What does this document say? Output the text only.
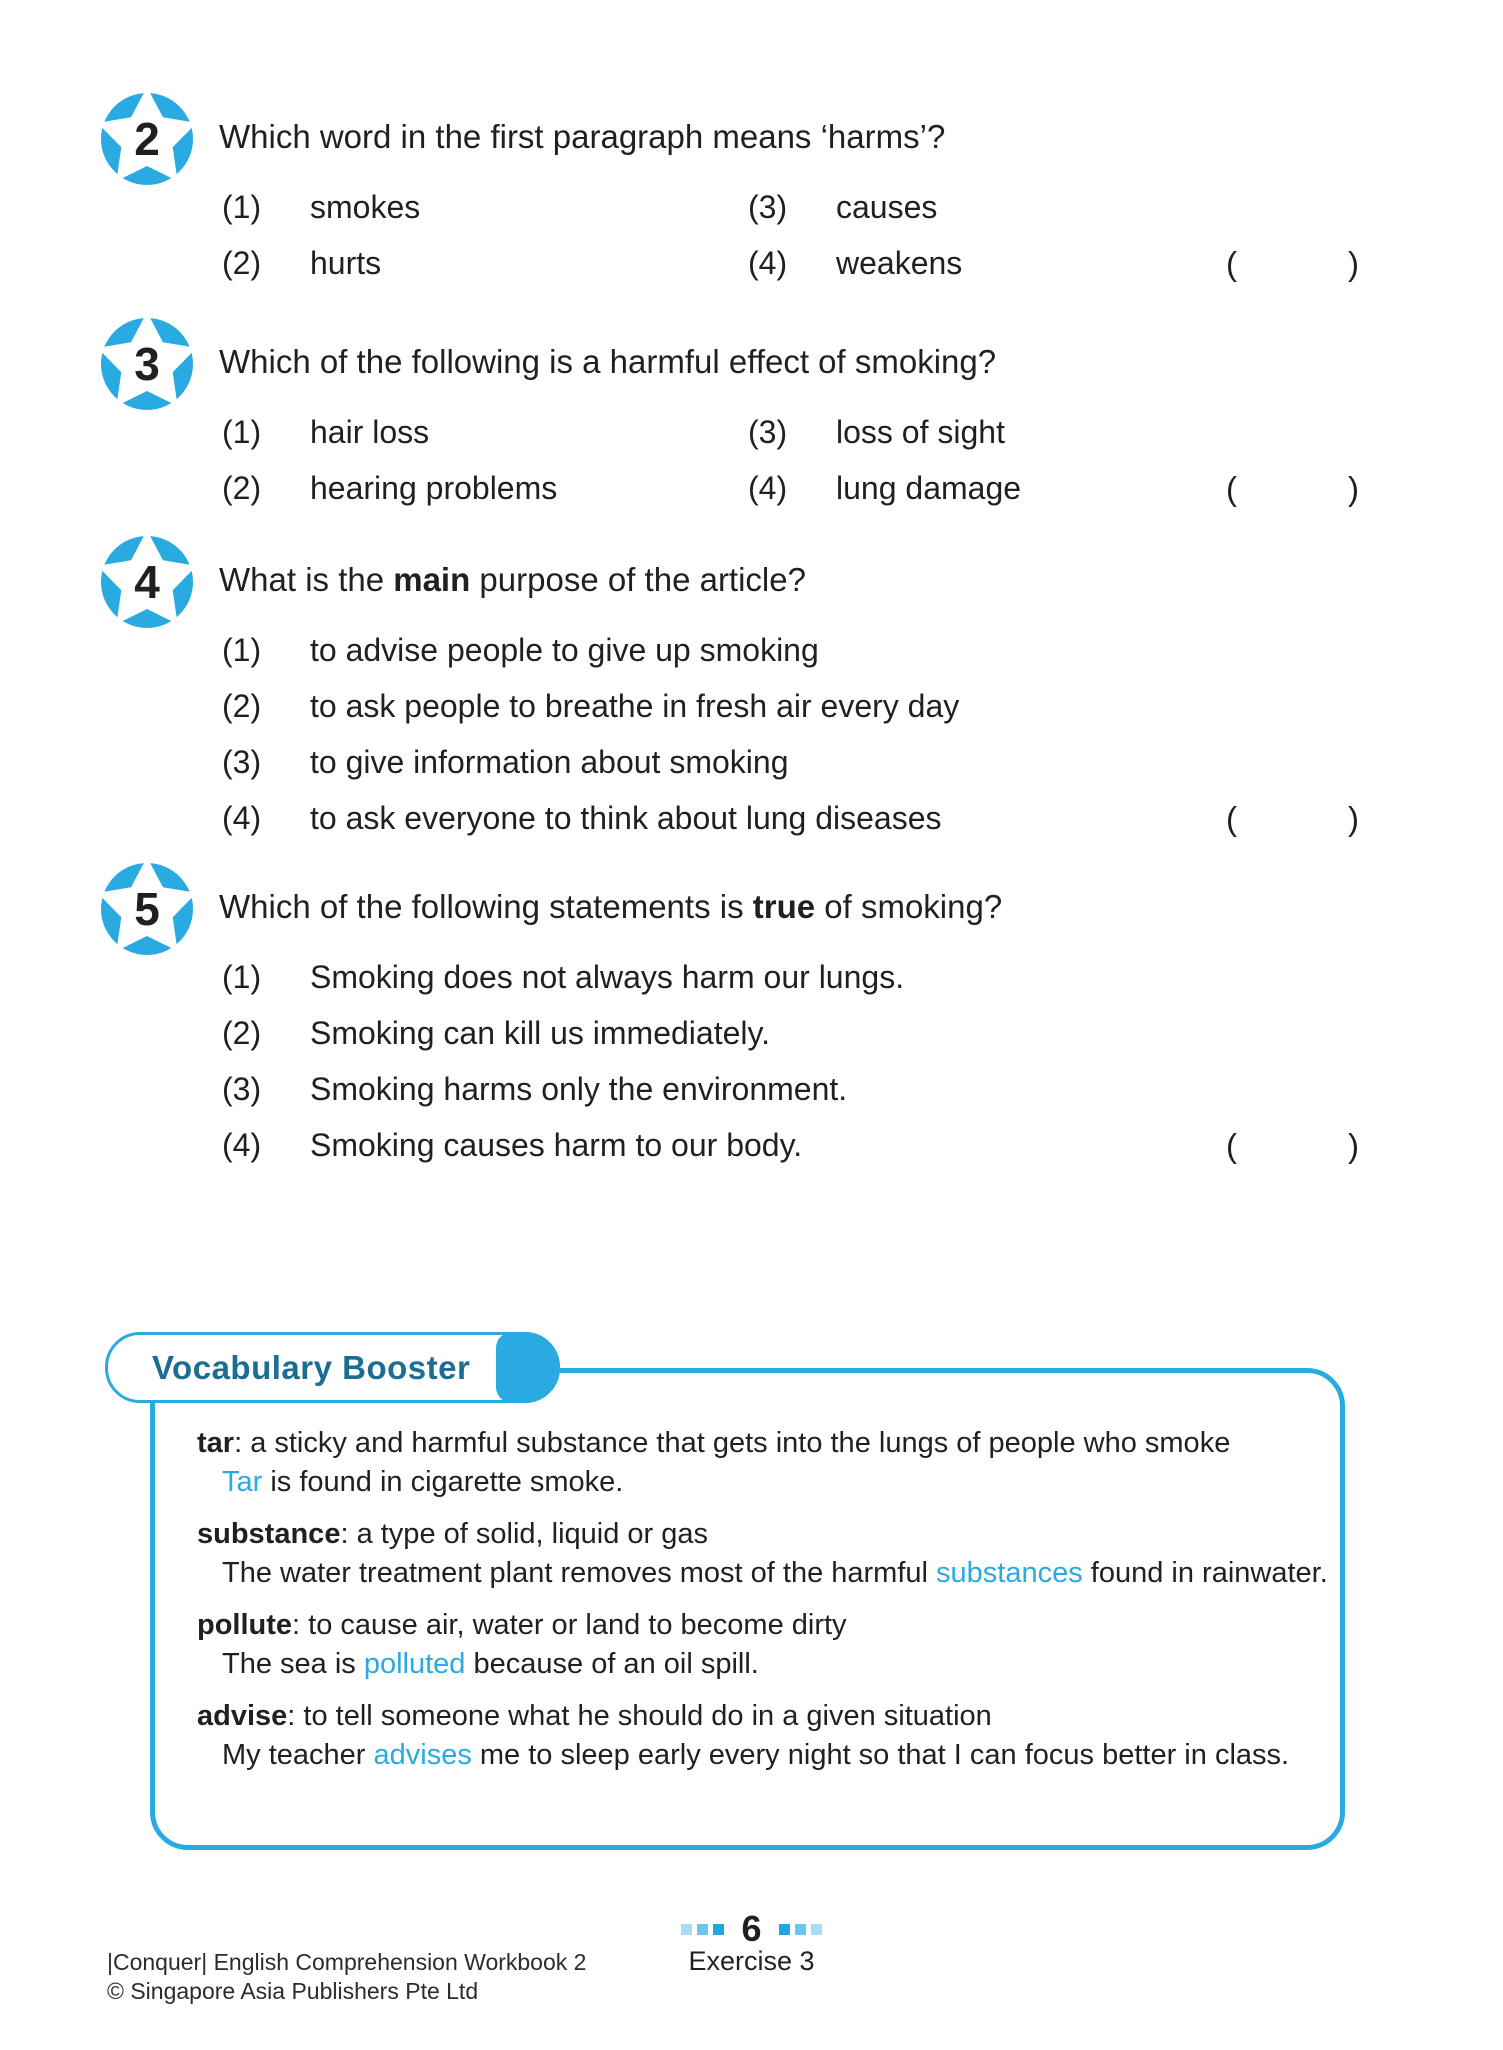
2	Which word in the first paragraph means ‘harms’?
(1)	smokes	(3)	causes
(2)	hurts	(4)	weakens	(	)
3	Which of the following is a harmful effect of smoking?
(1)	hair loss	(3)	loss of sight
(2)	hearing problems	(4)	lung damage	(	)
4	What is the main purpose of the article?
(1)	to advise people to give up smoking
(2)	to ask people to breathe in fresh air every day
(3)	to give information about smoking
(4)	to ask everyone to think about lung diseases	(	)
5	Which of the following statements is true of smoking?
(1)	Smoking does not always harm our lungs.
(2)	Smoking can kill us immediately.
(3)	Smoking harms only the environment.
(4)	Smoking causes harm to our body.	(	)
Vocabulary Booster
tar: a sticky and harmful substance that gets into the lungs of people who smoke
Tar is found in cigarette smoke.
substance: a type of solid, liquid or gas
The water treatment plant removes most of the harmful substances found in rainwater.
pollute: to cause air, water or land to become dirty
The sea is polluted because of an oil spill.
advise: to tell someone what he should do in a given situation
My teacher advises me to sleep early every night so that I can focus better in class.
6
Exercise 3
|Conquer| English Comprehension Workbook 2
© Singapore Asia Publishers Pte Ltd
